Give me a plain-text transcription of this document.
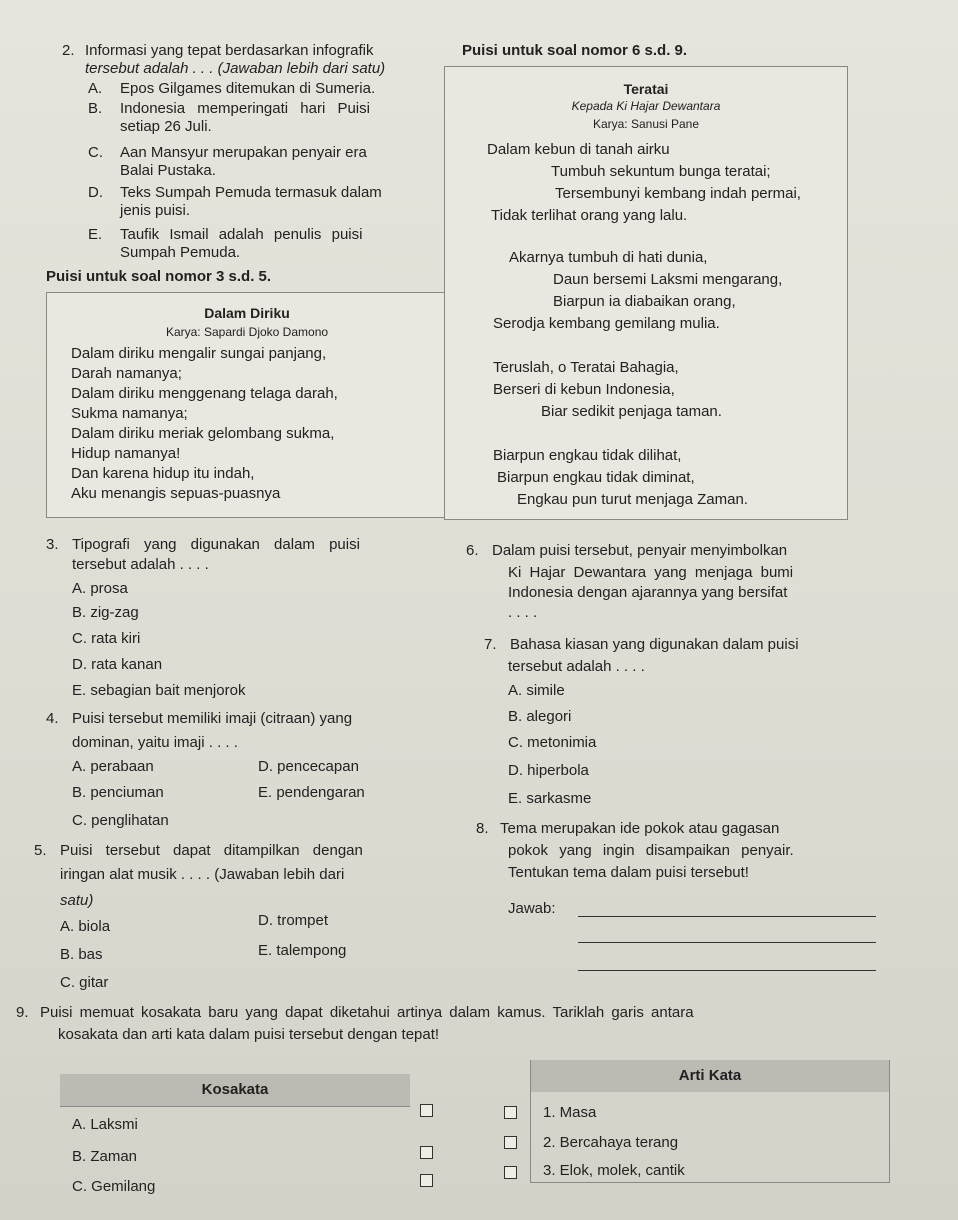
2. Informasi yang tepat berdasarkan infografik
tersebut adalah . . . (Jawaban lebih dari satu)
A. Epos Gilgames ditemukan di Sumeria.
B. Indonesia memperingati hari Puisi
setiap 26 Juli.
C. Aan Mansyur merupakan penyair era
Balai Pustaka.
D. Teks Sumpah Pemuda termasuk dalam
jenis puisi.
E. Taufik Ismail adalah penulis puisi
Sumpah Pemuda.
Puisi untuk soal nomor 3 s.d. 5.
Dalam Diriku
Karya: Sapardi Djoko Damono
Dalam diriku mengalir sungai panjang,
Darah namanya;
Dalam diriku menggenang telaga darah,
Sukma namanya;
Dalam diriku meriak gelombang sukma,
Hidup namanya!
Dan karena hidup itu indah,
Aku menangis sepuas-puasnya
Puisi untuk soal nomor 6 s.d. 9.
Teratai
Kepada Ki Hajar Dewantara
Karya: Sanusi Pane
Dalam kebun di tanah airku
Tumbuh sekuntum bunga teratai;
Tersembunyi kembang indah permai,
Tidak terlihat orang yang lalu.
Akarnya tumbuh di hati dunia,
Daun bersemi Laksmi mengarang,
Biarpun ia diabaikan orang,
Serodja kembang gemilang mulia.
Teruslah, o Teratai Bahagia,
Berseri di kebun Indonesia,
Biar sedikit penjaga taman.
Biarpun engkau tidak dilihat,
Biarpun engkau tidak diminat,
Engkau pun turut menjaga Zaman.
3. Tipografi yang digunakan dalam puisi
tersebut adalah . . . .
A. prosa
B. zig-zag
C. rata kiri
D. rata kanan
E. sebagian bait menjorok
4. Puisi tersebut memiliki imaji (citraan) yang
dominan, yaitu imaji . . . .
A. perabaan	D. pencecapan
B. penciuman	E. pendengaran
C. penglihatan
5. Puisi tersebut dapat ditampilkan dengan
iringan alat musik . . . . (Jawaban lebih dari
satu)
A. biola	D. trompet
B. bas	E. talempong
C. gitar
6. Dalam puisi tersebut, penyair menyimbolkan
Ki Hajar Dewantara yang menjaga bumi
Indonesia dengan ajarannya yang bersifat
. . . .
7. Bahasa kiasan yang digunakan dalam puisi
tersebut adalah . . . .
A. simile
B. alegori
C. metonimia
D. hiperbola
E. sarkasme
8. Tema merupakan ide pokok atau gagasan
pokok yang ingin disampaikan penyair.
Tentukan tema dalam puisi tersebut!
Jawab:
9. Puisi memuat kosakata baru yang dapat diketahui artinya dalam kamus. Tariklah garis antara
kosakata dan arti kata dalam puisi tersebut dengan tepat!
Kosakata
A. Laksmi
B. Zaman
C. Gemilang
Arti Kata
1. Masa
2. Bercahaya terang
3. Elok, molek, cantik
